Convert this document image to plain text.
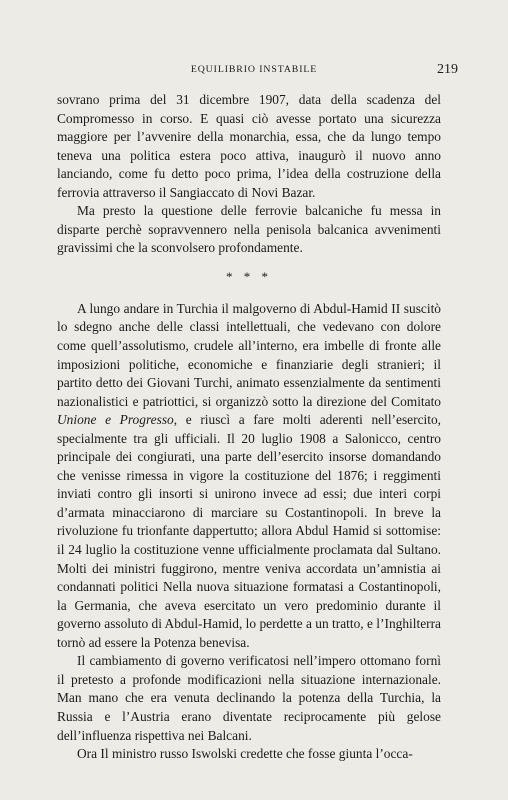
EQUILIBRIO INSTABILE	219

sovrano prima del 31 dicembre 1907, data della scadenza del Compromesso in corso. E quasi ciò avesse portato una sicurezza maggiore per l’avvenire della monarchia, essa, che da lungo tempo teneva una politica estera poco attiva, inaugurò il nuovo anno lanciando, come fu detto poco prima, l’idea della costruzione della ferrovia attraverso il Sangiaccato di Novi Bazar.

Ma presto la questione delle ferrovie balcaniche fu messa in disparte perchè sopravvennero nella penisola balcanica avvenimenti gravissimi che la sconvolsero profondamente.

* * *

A lungo andare in Turchia il malgoverno di Abdul-Hamid II suscitò lo sdegno anche delle classi intellettuali, che vedevano con dolore come quell’assolutismo, crudele all’interno, era imbelle di fronte alle imposizioni politiche, economiche e finanziarie degli stranieri; il partito detto dei Giovani Turchi, animato essenzialmente da sentimenti nazionalistici e patriottici, si organizzò sotto la direzione del Comitato Unione e Progresso, e riuscì a fare molti aderenti nell’esercito, specialmente tra gli ufficiali. Il 20 luglio 1908 a Salonicco, centro principale dei congiurati, una parte dell’esercito insorse domandando che venisse rimessa in vigore la costituzione del 1876; i reggimenti inviati contro gli insorti si unirono invece ad essi; due interi corpi d’armata minacciarono di marciare su Costantinopoli. In breve la rivoluzione fu trionfante dappertutto; allora Abdul Hamid si sottomise: il 24 luglio la costituzione venne ufficialmente proclamata dal Sultano. Molti dei ministri fuggirono, mentre veniva accordata un’amnistia ai condannati politici Nella nuova situazione formatasi a Costantinopoli, la Germania, che aveva esercitato un vero predominio durante il governo assoluto di Abdul-Hamid, lo perdette a un tratto, e l’Inghilterra tornò ad essere la Potenza benevisa.

Il cambiamento di governo verificatosi nell’impero ottomano fornì il pretesto a profonde modificazioni nella situazione internazionale. Man mano che era venuta declinando la potenza della Turchia, la Russia e l’Austria erano diventate reciprocamente più gelose dell’influenza rispettiva nei Balcani.

Ora Il ministro russo Iswolski credette che fosse giunta l’occa-
